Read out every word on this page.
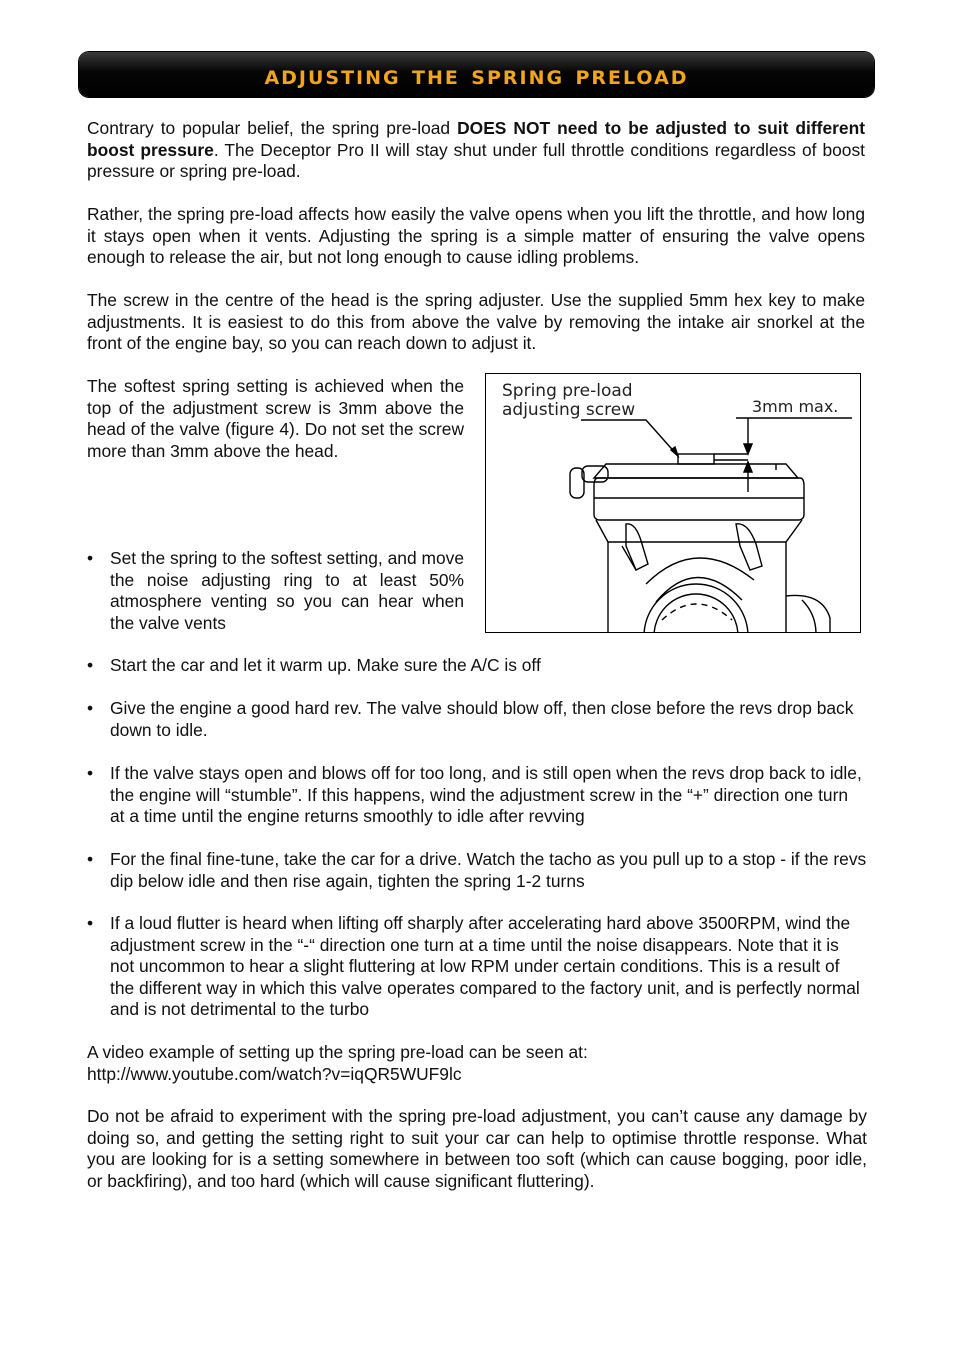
adjusting the spring preload

Contrary to popular belief, the spring pre-load DOES NOT need to be adjusted to suit different boost pressure. The Deceptor Pro II will stay shut under full throttle conditions regardless of boost pressure or spring pre-load.

Rather, the spring pre-load affects how easily the valve opens when you lift the throttle, and how long it stays open when it vents. Adjusting the spring is a simple matter of ensuring the valve opens enough to release the air, but not long enough to cause idling problems.

The screw in the centre of the head is the spring adjuster. Use the supplied 5mm hex key to make adjustments. It is easiest to do this from above the valve by removing the intake air snorkel at the front of the engine bay, so you can reach down to adjust it.

The softest spring setting is achieved when the top of the adjustment screw is 3mm above the head of the valve (figure 4). Do not set the screw more than 3mm above the head.

Spring pre-load
adjusting screw	3mm max.
• Set the spring to the softest setting, and move the noise adjusting ring to at least 50% atmosphere venting so you can hear when the valve vents
• Start the car and let it warm up. Make sure the A/C is off
• Give the engine a good hard rev. The valve should blow off, then close before the revs drop back down to idle.
• If the valve stays open and blows off for too long, and is still open when the revs drop back to idle, the engine will “stumble”. If this happens, wind the adjustment screw in the “+” direction one turn at a time until the engine returns smoothly to idle after revving
• For the final fine-tune, take the car for a drive. Watch the tacho as you pull up to a stop - if the revs dip below idle and then rise again, tighten the spring 1-2 turns
• If a loud flutter is heard when lifting off sharply after accelerating hard above 3500RPM, wind the adjustment screw in the “-“ direction one turn at a time until the noise disappears. Note that it is not uncommon to hear a slight fluttering at low RPM under certain conditions. This is a result of the different way in which this valve operates compared to the factory unit, and is perfectly normal and is not detrimental to the turbo

A video example of setting up the spring pre-load can be seen at:
http://www.youtube.com/watch?v=iqQR5WUF9lc

Do not be afraid to experiment with the spring pre-load adjustment, you can’t cause any damage by doing so, and getting the setting right to suit your car can help to optimise throttle response. What you are looking for is a setting somewhere in between too soft (which can cause bogging, poor idle, or backfiring), and too hard (which will cause significant fluttering).
